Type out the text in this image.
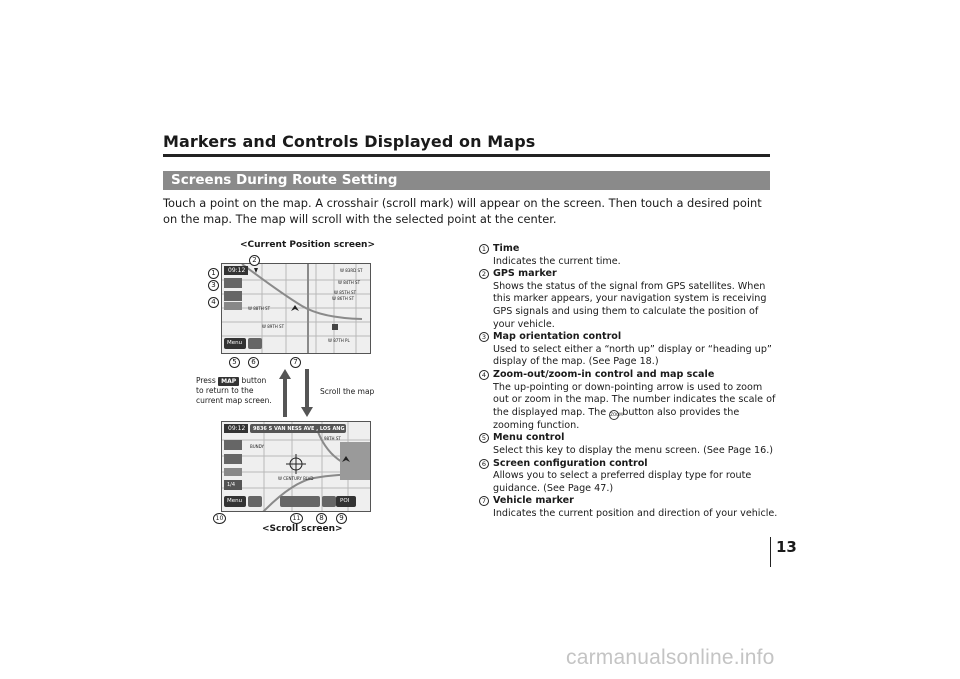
Markers and Controls Displayed on Maps
Screens During Route Setting

Touch a point on the map. A crosshair (scroll mark) will appear on the screen. Then touch a desired point on the map. The map will scroll with the selected point at the center.

<Current Position screen>
09:12
Menu
W 83RD ST
W 84TH ST
W 85TH ST
W 86TH ST
W 88TH ST
W 89TH ST
W 87TH PL
1
2
3
4
5	6	7
Press MAP button to return to the current map screen.
Scroll the map
09:12 9836 S VAN NESS AVE , LOS ANG
1/4
Menu	POI
W CENTURY BLVD
98TH ST
BUNDY
10	11	8	9
<Scroll screen>
1 Time
Indicates the current time.
2 GPS marker
Shows the status of the signal from GPS satellites. When this marker appears, your navigation system is receiving GPS signals and using them to calculate the position of your vehicle.
3 Map orientation control
Used to select either a “north up” display or “heading up” display of the map. (See Page 18.)
4 Zoom-out/zoom-in control and map scale
The up-pointing or down-pointing arrow is used to zoom out or zoom in the map. The number indicates the scale of the displayed map. The ZOOM button also provides the zooming function.
5 Menu control
Select this key to display the menu screen. (See Page 16.)
6 Screen configuration control
Allows you to select a preferred display type for route guidance. (See Page 47.)
7 Vehicle marker
Indicates the current position and direction of your vehicle.
13
carmanualsonline.info
